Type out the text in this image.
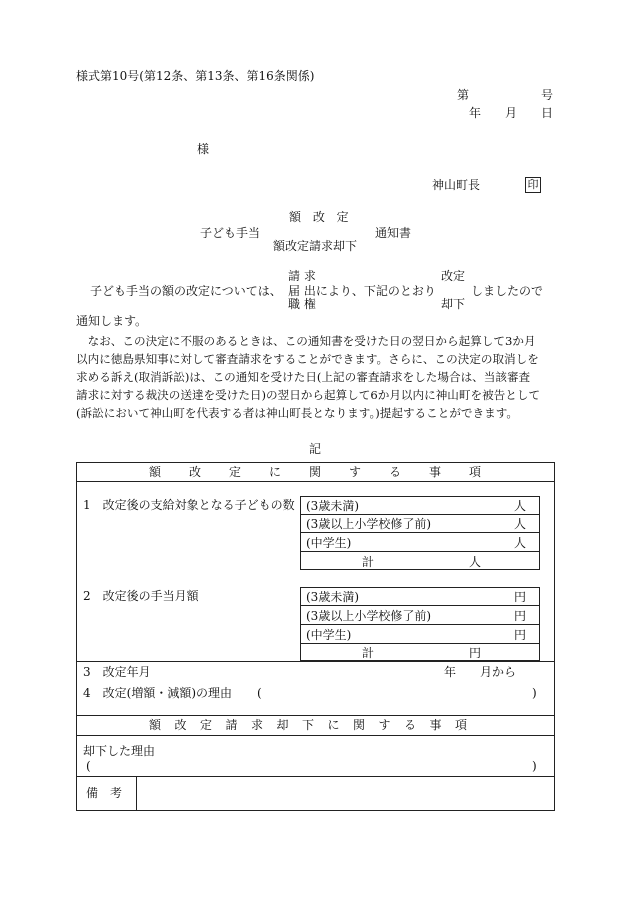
様式第10号(第12条、第13条、第16条関係)
第	号
年 月 日
様
神山町長	印
額 改 定
子ども手当	通知書
額改定請求却下
請 求	改定
子ども手当の額の改定については、 届 出により、下記のとおり	しましたので
職 権	却下
通知します。
　なお、この決定に不服のあるときは、この通知書を受けた日の翌日から起算して3か月
以内に徳島県知事に対して審査請求をすることができます。さらに、この決定の取消しを
求める訴え(取消訴訟)は、この通知を受けた日(上記の審査請求をした場合は、当該審査
請求に対する裁決の送達を受けた日)の翌日から起算して6か月以内に神山町を被告として
(訴訟において神山町を代表する者は神山町長となります。)提起することができます。
記
額改定に関する事項
1　改定後の支給対象となる子どもの数 (3歳未満)	人
(3歳以上小学校修了前)	人
(中学生)	人
計	人
2　改定後の手当月額	(3歳未満)	円
(3歳以上小学校修了前)	円
(中学生)	円
計	円
3　改定年月	年 月から
4　改定(増額・減額)の理由 (	)
額改定請求却下に関する事項
却下した理由
(	)
備　考
